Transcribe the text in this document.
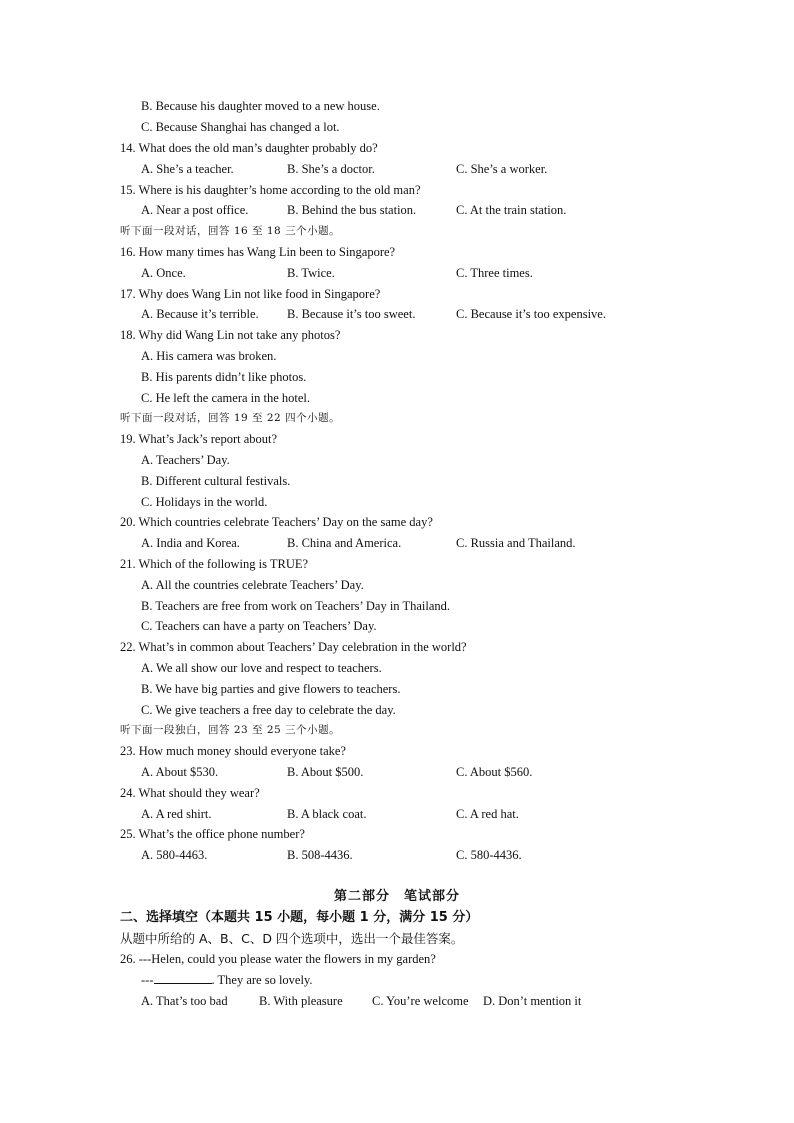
B. Because his daughter moved to a new house.
C. Because Shanghai has changed a lot.
14. What does the old man’s daughter probably do?
A. She’s a teacher.	B. She’s a doctor.	C. She’s a worker.
15. Where is his daughter’s home according to the old man?
A. Near a post office.	B. Behind the bus station.	C. At the train station.
听下面一段对话，回答 16 至 18 三个小题。
16. How many times has Wang Lin been to Singapore?
A. Once.	B. Twice.	C. Three times.
17. Why does Wang Lin not like food in Singapore?
A. Because it’s terrible. B. Because it’s too sweet.	C. Because it’s too expensive.
18. Why did Wang Lin not take any photos?
A. His camera was broken.
B. His parents didn’t like photos.
C. He left the camera in the hotel.
听下面一段对话，回答 19 至 22 四个小题。
19. What’s Jack’s report about?
A. Teachers’ Day.
B. Different cultural festivals.
C. Holidays in the world.
20. Which countries celebrate Teachers’ Day on the same day?
A. India and Korea.	B. China and America.	C. Russia and Thailand.
21. Which of the following is TRUE?
A. All the countries celebrate Teachers’ Day.
B. Teachers are free from work on Teachers’ Day in Thailand.
C. Teachers can have a party on Teachers’ Day.
22. What’s in common about Teachers’ Day celebration in the world?
A. We all show our love and respect to teachers.
B. We have big parties and give flowers to teachers.
C. We give teachers a free day to celebrate the day.
听下面一段独白，回答 23 至 25 三个小题。
23. How much money should everyone take?
A. About $530.	B. About $500.	C. About $560.
24. What should they wear?
A. A red shirt.	B. A black coat.	C. A red hat.
25. What’s the office phone number?
A. 580-4463.	B. 508-4436.	C. 580-4436.
第二部分　笔试部分
二、选择填空（本题共 15 小题，每小题 1 分，满分 15 分）
从题中所给的 A、B、C、D 四个选项中，选出一个最佳答案。
26. ---Helen, could you please water the flowers in my garden?
---	. They are so lovely.
A. That’s too bad	B. With pleasure C. You’re welcome D. Don’t mention it
